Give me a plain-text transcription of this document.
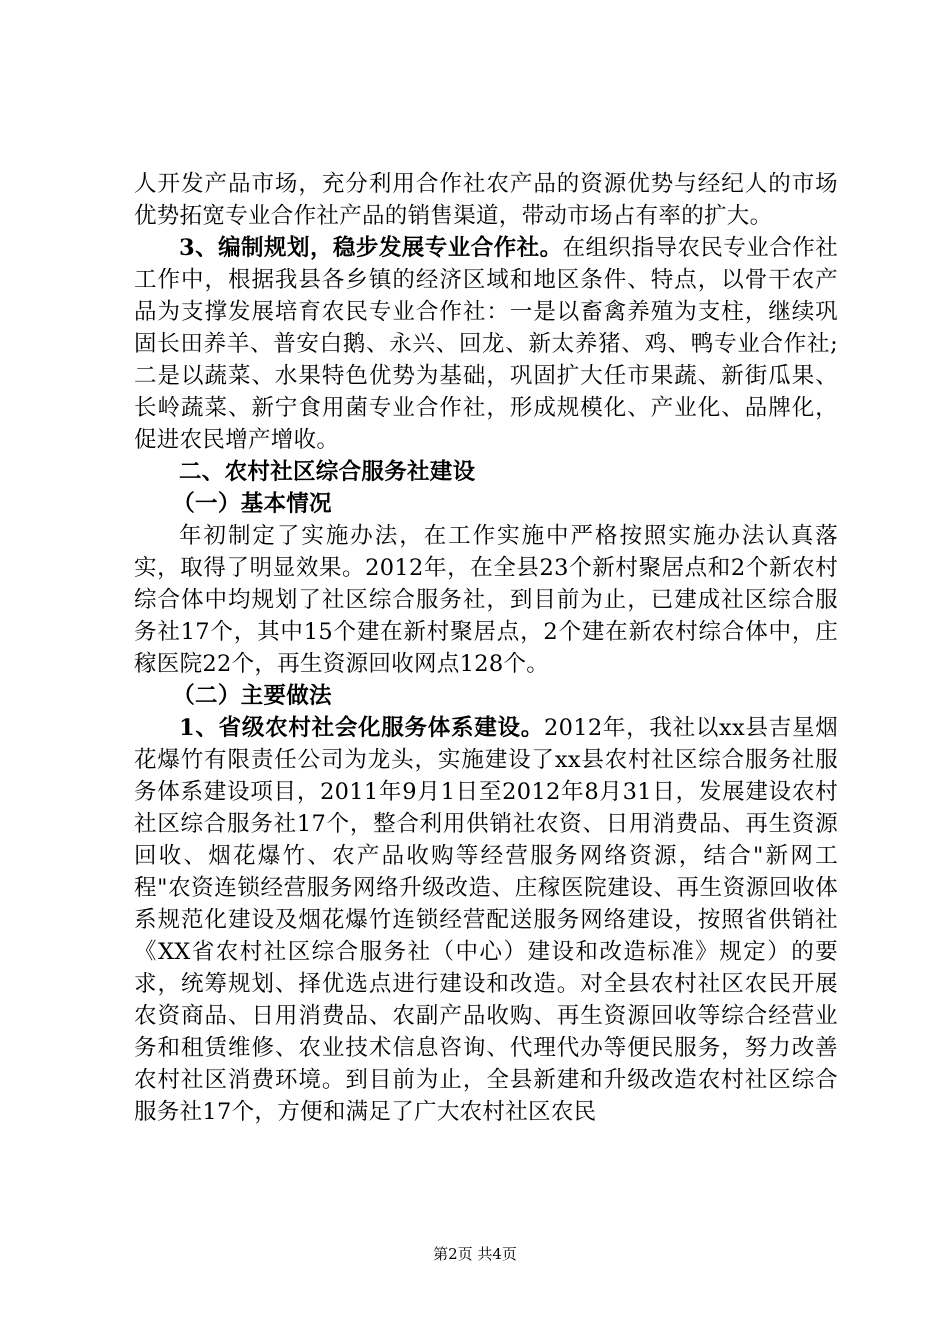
人开发产品市场，充分利用合作社农产品的资源优势与经纪人的市场优势拓宽专业合作社产品的销售渠道，带动市场占有率的扩大。

3、编制规划，稳步发展专业合作社。在组织指导农民专业合作社工作中，根据我县各乡镇的经济区域和地区条件、特点，以骨干农产品为支撑发展培育农民专业合作社：一是以畜禽养殖为支柱，继续巩固长田养羊、普安白鹅、永兴、回龙、新太养猪、鸡、鸭专业合作社;二是以蔬菜、水果特色优势为基础，巩固扩大任市果蔬、新街瓜果、长岭蔬菜、新宁食用菌专业合作社，形成规模化、产业化、品牌化，促进农民增产增收。

二、农村社区综合服务社建设

（一）基本情况

年初制定了实施办法，在工作实施中严格按照实施办法认真落实，取得了明显效果。2012年，在全县23个新村聚居点和2个新农村综合体中均规划了社区综合服务社，到目前为止，已建成社区综合服务社17个，其中15个建在新村聚居点，2个建在新农村综合体中，庄稼医院22个，再生资源回收网点128个。

（二）主要做法

1、省级农村社会化服务体系建设。2012年，我社以xx县吉星烟花爆竹有限责任公司为龙头，实施建设了xx县农村社区综合服务社服务体系建设项目，2011年9月1日至2012年8月31日，发展建设农村社区综合服务社17个，整合利用供销社农资、日用消费品、再生资源回收、烟花爆竹、农产品收购等经营服务网络资源，结合"新网工程"农资连锁经营服务网络升级改造、庄稼医院建设、再生资源回收体系规范化建设及烟花爆竹连锁经营配送服务网络建设，按照省供销社《XX省农村社区综合服务社（中心）建设和改造标准》规定）的要求，统筹规划、择优选点进行建设和改造。对全县农村社区农民开展农资商品、日用消费品、农副产品收购、再生资源回收等综合经营业务和租赁维修、农业技术信息咨询、代理代办等便民服务，努力改善农村社区消费环境。到目前为止，全县新建和升级改造农村社区综合服务社17个，方便和满足了广大农村社区农民

第2页 共4页
